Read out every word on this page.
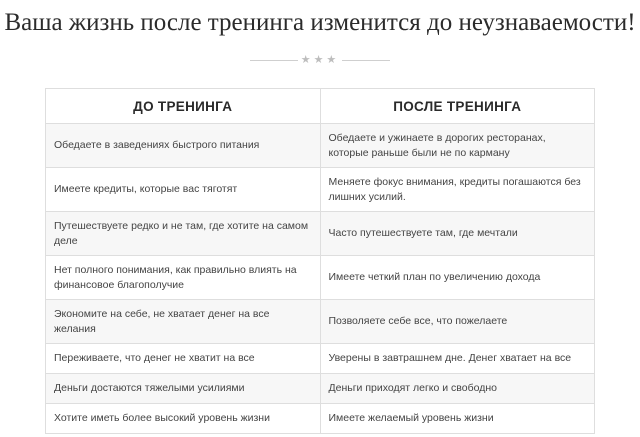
Ваша жизнь после тренинга изменится до неузнаваемости!
★★★
ДО ТРЕНИНГА	ПОСЛЕ ТРЕНИНГА
Обедаете в заведениях быстрого питания	Обедаете и ужинаете в дорогих ресторанах, которые раньше были не по карману
Имеете кредиты, которые вас тяготят	Меняете фокус внимания, кредиты погашаются без лишних усилий.
Путешествуете редко и не там, где хотите на самом деле	Часто путешествуете там, где мечтали
Нет полного понимания, как правильно влиять на финансовое благополучие	Имеете четкий план по увеличению дохода
Экономите на себе, не хватает денег на все желания	Позволяете себе все, что пожелаете
Переживаете, что денег не хватит на все	Уверены в завтрашнем дне. Денег хватает на все
Деньги достаются тяжелыми усилиями	Деньги приходят легко и свободно
Хотите иметь более высокий уровень жизни	Имеете желаемый уровень жизни
